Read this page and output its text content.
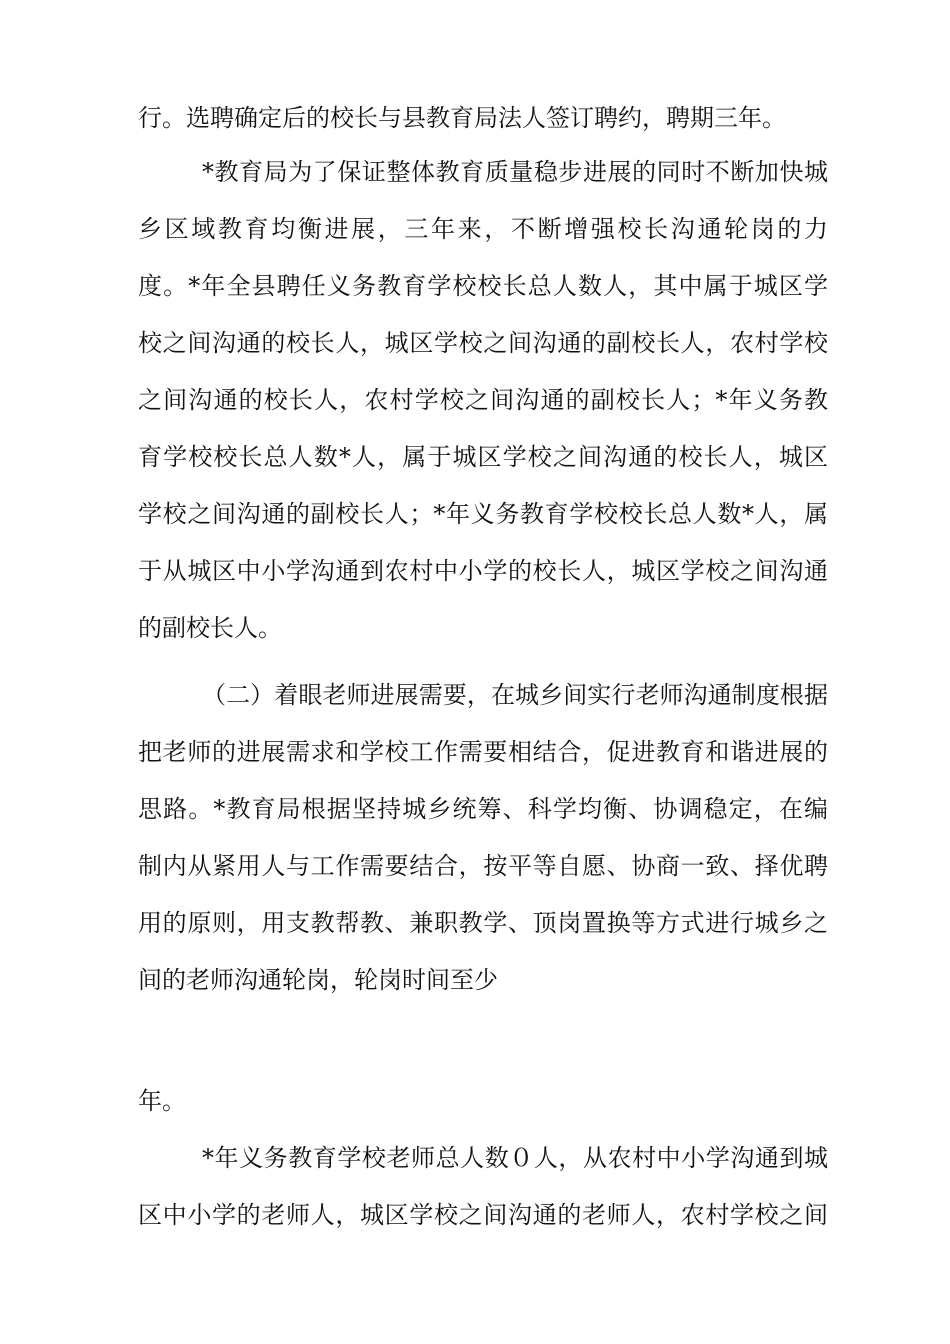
行。选聘确定后的校长与县教育局法人签订聘约，聘期三年。
*教育局为了保证整体教育质量稳步进展的同时不断加快城
乡区域教育均衡进展，三年来，不断增强校长沟通轮岗的力
度。*年全县聘任义务教育学校校长总人数人，其中属于城区学
校之间沟通的校长人，城区学校之间沟通的副校长人，农村学校
之间沟通的校长人，农村学校之间沟通的副校长人；*年义务教
育学校校长总人数*人，属于城区学校之间沟通的校长人，城区
学校之间沟通的副校长人；*年义务教育学校校长总人数*人，属
于从城区中小学沟通到农村中小学的校长人，城区学校之间沟通
的副校长人。
（二）着眼老师进展需要，在城乡间实行老师沟通制度根据
把老师的进展需求和学校工作需要相结合，促进教育和谐进展的
思路。*教育局根据坚持城乡统筹、科学均衡、协调稳定，在编
制内从紧用人与工作需要结合，按平等自愿、协商一致、择优聘
用的原则，用支教帮教、兼职教学、顶岗置换等方式进行城乡之
间的老师沟通轮岗，轮岗时间至少
年。
*年义务教育学校老师总人数０人，从农村中小学沟通到城
区中小学的老师人，城区学校之间沟通的老师人，农村学校之间
